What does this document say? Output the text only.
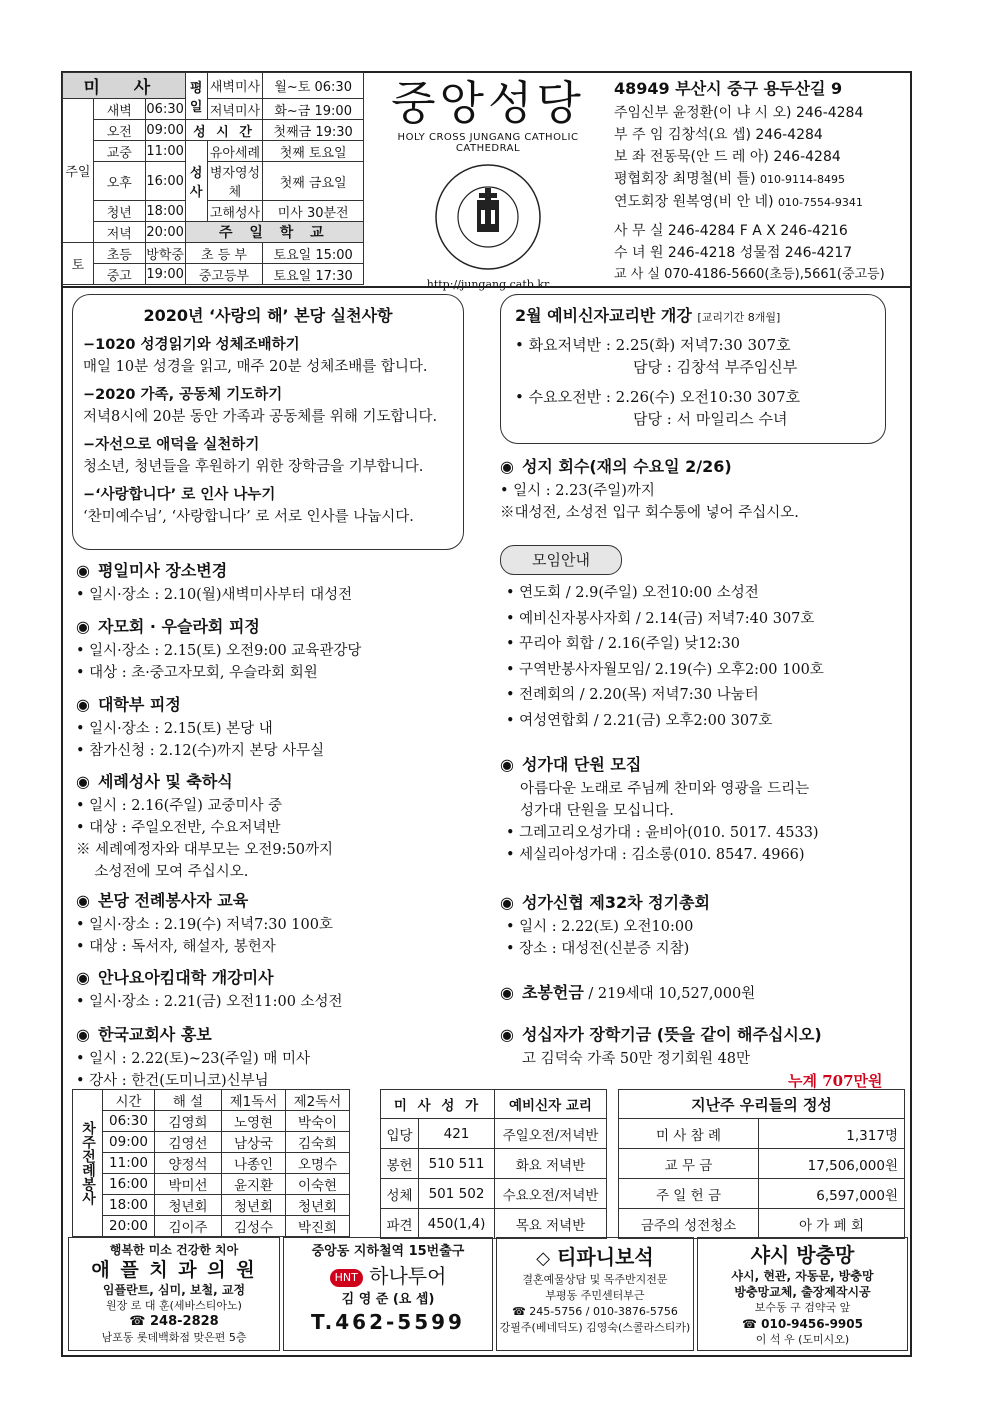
미 사			평일	새벽미사	월~토 06:30
주일	새벽	06:30		저녁미사	화~금 19:00
	오전	09:00	성 시 간		첫째금 19:30
	교중	11:00	성 사	유아세례	첫째 토요일
	오후	16:00		병자영성체	첫째 금요일
	청년	18:00		고해성사	미사 30분전
	저녁	20:00	주 일 학 교		
토	초등	방학중	초 등 부		토요일 15:00
	중고	19:00	중고등부		토요일 17:30
중앙성당
HOLY CROSS JUNGANG CATHOLIC CATHEDRAL
http://jungang.catb.kr
48949 부산시 중구 용두산길 9
주임신부 윤정환(이 냐 시 오) 246-4284
부 주 임 김창석(요 셉) 246-4284
보 좌 전동묵(안 드 레 아) 246-4284
평협회장 최명철(비 틀) 010-9114-8495
연도회장 원복영(비 안 네) 010-7554-9341
사 무 실 246-4284 F A X 246-4216
수 녀 원 246-4218 성물점 246-4217
교 사 실 070-4186-5660(초등),5661(중고등)
2020년 ‘사랑의 해’ 본당 실천사항
−1020 성경읽기와 성체조배하기
매일 10분 성경을 읽고, 매주 20분 성체조배를 합니다.
−2020 가족, 공동체 기도하기
저녁8시에 20분 동안 가족과 공동체를 위해 기도합니다.
−자선으로 애덕을 실천하기
청소년, 청년들을 후원하기 위한 장학금을 기부합니다.
−‘사랑합니다’ 로 인사 나누기
‘찬미예수님’, ‘사랑합니다’ 로 서로 인사를 나눕시다.
2월 예비신자교리반 개강 [교리기간 8개월]
• 화요저녁반 : 2.25(화) 저녁7:30 307호
담당 : 김창석 부주임신부
• 수요오전반 : 2.26(수) 오전10:30 307호
담당 : 서 마일리스 수녀
◉ 평일미사 장소변경
• 일시·장소 : 2.10(월)새벽미사부터 대성전
◉ 자모회 · 우슬라회 피정
• 일시·장소 : 2.15(토) 오전9:00 교육관강당
• 대상 : 초·중고자모회, 우슬라회 회원
◉ 대학부 피정
• 일시·장소 : 2.15(토) 본당 내
• 참가신청 : 2.12(수)까지 본당 사무실
◉ 세례성사 및 축하식
• 일시 : 2.16(주일) 교중미사 중
• 대상 : 주일오전반, 수요저녁반
※ 세례예정자와 대부모는 오전9:50까지
소성전에 모여 주십시오.
◉ 본당 전례봉사자 교육
• 일시·장소 : 2.19(수) 저녁7:30 100호
• 대상 : 독서자, 해설자, 봉헌자
◉ 안나요아킴대학 개강미사
• 일시·장소 : 2.21(금) 오전11:00 소성전
◉ 한국교회사 홍보
• 일시 : 2.22(토)~23(주일) 매 미사
• 강사 : 한건(도미니코)신부님
◉ 성지 회수(재의 수요일 2/26)
• 일시 : 2.23(주일)까지
※대성전, 소성전 입구 회수통에 넣어 주십시오.
모임안내
• 연도회 / 2.9(주일) 오전10:00 소성전
• 예비신자봉사자회 / 2.14(금) 저녁7:40 307호
• 꾸리아 회합 / 2.16(주일) 낮12:30
• 구역반봉사자월모임/ 2.19(수) 오후2:00 100호
• 전례회의 / 2.20(목) 저녁7:30 나눔터
• 여성연합회 / 2.21(금) 오후2:00 307호
◉ 성가대 단원 모집
아름다운 노래로 주님께 찬미와 영광을 드리는
성가대 단원을 모십니다.
• 그레고리오성가대 : 윤비아(010. 5017. 4533)
• 세실리아성가대 : 김소롱(010. 8547. 4966)
◉ 성가신협 제32차 정기총회
• 일시 : 2.22(토) 오전10:00
• 장소 : 대성전(신분증 지참)
◉ 초봉헌금 / 219세대 10,527,000원
◉ 성십자가 장학기금 (뜻을 같이 해주십시오)
고 김덕숙 가족 50만 정기회원 48만
누계 707만원
차주전례봉사	시간	해 설	제1독서	제2독서
	06:30	김영희	노영현	박숙이
	09:00	김영선	남상국	김숙희
	11:00	양정석	나종인	오명수
	16:00	박미선	윤지환	이숙현
	18:00	청년회	청년회	청년회
	20:00	김이주	김성수	박진희
미 사 성 가		예비신자 교리
입당	421	주일오전/저녁반
봉헌	510 511	화요 저녁반
성체	501 502	수요오전/저녁반
파견	450(1,4)	목요 저녁반
지난주 우리들의 정성	
미 사 참 례	1,317명
교 무 금	17,506,000원
주 일 헌 금	6,597,000원
금주의 성전청소	아 가 페 회
행복한 미소 건강한 치아
애 플 치 과 의 원
임플란트, 심미, 보철, 교정
원장 로 대 훈(세바스티아노)
☎ 248-2828
남포동 롯데백화점 맞은편 5층
중앙동 지하철역 15번출구
HNT 하나투어
김 영 준 (요 셉)
T.462-5599
◇ 티파니보석
결혼예물상담 및 목주반지전문
부평동 주민센터부근
☎ 245-5756 / 010-3876-5756
강필주(베네딕도) 김영숙(스콜라스티카)
샤시 방충망
샤시, 현관, 자동문, 방충망
방충망교체, 출장제작시공
보수동 구 검약국 앞
☎ 010-9456-9905
이 석 우 (도미시오)
